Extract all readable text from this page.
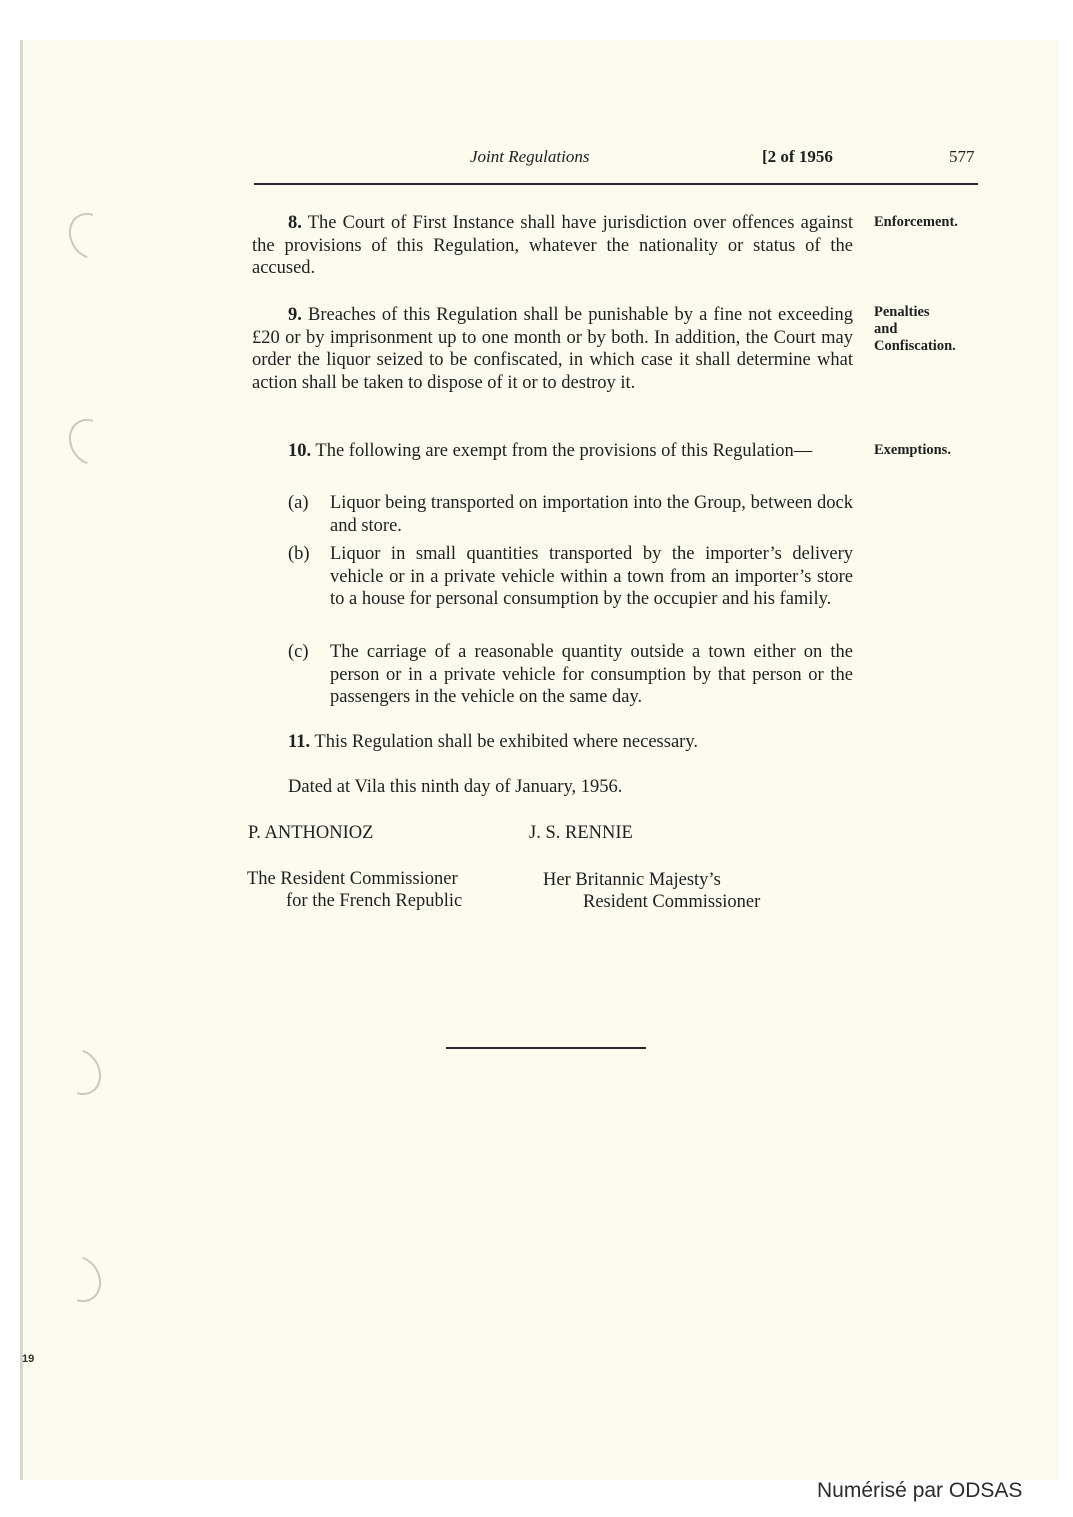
Joint Regulations	[2 of 1956	577
8. The Court of First Instance shall have jurisdiction over offences against the provisions of this Regulation, whatever the nationality or status of the accused.
Enforcement.
9. Breaches of this Regulation shall be punishable by a fine not exceeding £20 or by imprisonment up to one month or by both. In addition, the Court may order the liquor seized to be confiscated, in which case it shall determine what action shall be taken to dispose of it or to destroy it.
Penalties
and
Confiscation.
10. The following are exempt from the provisions of this Regulation—	Exemptions.
(a) Liquor being transported on importation into the Group, between dock and store.
(b) Liquor in small quantities transported by the importer’s delivery vehicle or in a private vehicle within a town from an importer’s store to a house for personal consumption by the occupier and his family.
(c) The carriage of a reasonable quantity outside a town either on the person or in a private vehicle for consumption by that person or the passengers in the vehicle on the same day.
11. This Regulation shall be exhibited where necessary.
Dated at Vila this ninth day of January, 1956.
P. ANTHONIOZ	J. S. RENNIE
The Resident Commissioner
for the French Republic
Her Britannic Majesty’s
Resident Commissioner
19
Numérisé par ODSAS
